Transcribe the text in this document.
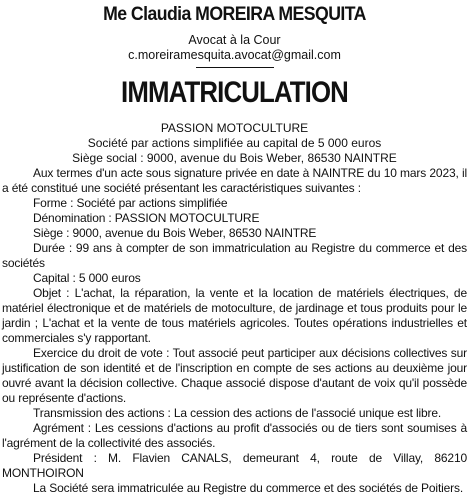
Me Claudia MOREIRA MESQUITA
Avocat à la Cour
c.moreiramesquita.avocat@gmail.com
IMMATRICULATION
PASSION MOTOCULTURE
Société par actions simplifiée au capital de 5 000 euros
Siège social : 9000, avenue du Bois Weber, 86530 NAINTRE

Aux termes d'un acte sous signature privée en date à NAINTRE du 10 mars 2023, il a été constitué une société présentant les caractéristiques suivantes :

Forme : Société par actions simplifiée

Dénomination : PASSION MOTOCULTURE

Siège : 9000, avenue du Bois Weber, 86530 NAINTRE

Durée : 99 ans à compter de son immatriculation au Registre du commerce et des sociétés

Capital : 5 000 euros

Objet : L'achat, la réparation, la vente et la location de matériels électriques, de matériel électronique et de matériels de motoculture, de jardinage et tous produits pour le jardin ; L'achat et la vente de tous matériels agricoles. Toutes opérations industrielles et commerciales s'y rapportant.

Exercice du droit de vote : Tout associé peut participer aux décisions collectives sur justification de son identité et de l'inscription en compte de ses actions au deuxième jour ouvré avant la décision collective. Chaque associé dispose d'autant de voix qu'il possède ou représente d'actions.

Transmission des actions : La cession des actions de l'associé unique est libre.

Agrément : Les cessions d'actions au profit d'associés ou de tiers sont soumises à l'agrément de la collectivité des associés.

Président : M. Flavien CANALS, demeurant 4, route de Villay, 86210 MONTHOIRON

La Société sera immatriculée au Registre du commerce et des sociétés de Poitiers.
